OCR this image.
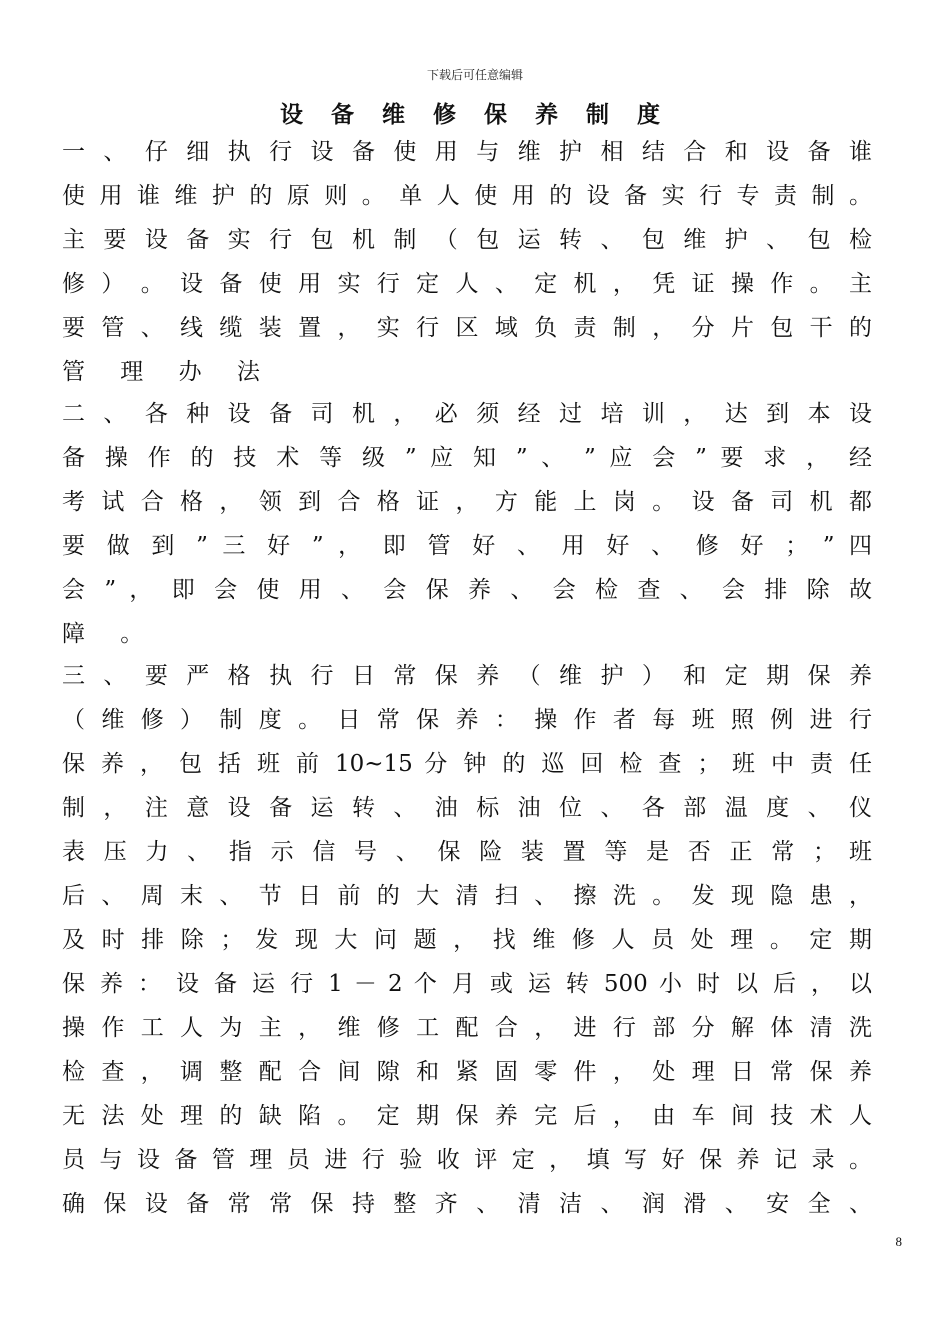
下载后可任意编辑
设 备 维 修 保 养 制 度
一 、 仔 细 执 行 设 备 使 用 与 维 护 相 结 合 和 设 备 谁
使 用 谁 维 护 的 原 则 。 单 人 使 用 的 设 备 实 行 专 责 制 。
主 要 设 备 实 行 包 机 制 （ 包 运 转 、 包 维 护 、 包 检
修 ） 。 设 备 使 用 实 行 定 人 、 定 机 ， 凭 证 操 作 。 主
要 管 、 线 缆 装 置 ， 实 行 区 域 负 责 制 ， 分 片 包 干 的
管 理 办 法
二 、 各 种 设 备 司 机 ， 必 须 经 过 培 训 ， 达 到 本 设
备 操 作 的 技 术 等 级 ” 应 知 ” 、 ” 应 会 ” 要 求 ， 经
考 试 合 格 ， 领 到 合 格 证 ， 方 能 上 岗 。 设 备 司 机 都
要 做 到 ” 三 好 ” ， 即 管 好 、 用 好 、 修 好 ； ” 四
会 ” ， 即 会 使 用 、 会 保 养 、 会 检 查 、 会 排 除 故
障 。
三 、 要 严 格 执 行 日 常 保 养 （ 维 护 ） 和 定 期 保 养
（ 维 修 ） 制 度 。 日 常 保 养 ： 操 作 者 每 班 照 例 进 行
保 养 ， 包 括 班 前 10~15 分 钟 的 巡 回 检 查 ； 班 中 责 任
制 ， 注 意 设 备 运 转 、 油 标 油 位 、 各 部 温 度 、 仪
表 压 力 、 指 示 信 号 、 保 险 装 置 等 是 否 正 常 ； 班
后 、 周 末 、 节 日 前 的 大 清 扫 、 擦 洗 。 发 现 隐 患 ，
及 时 排 除 ； 发 现 大 问 题 ， 找 维 修 人 员 处 理 。 定 期
保 养 ： 设 备 运 行 1 － 2 个 月 或 运 转 500 小 时 以 后 ， 以
操 作 工 人 为 主 ， 维 修 工 配 合 ， 进 行 部 分 解 体 清 洗
检 查 ， 调 整 配 合 间 隙 和 紧 固 零 件 ， 处 理 日 常 保 养
无 法 处 理 的 缺 陷 。 定 期 保 养 完 后 ， 由 车 间 技 术 人
员 与 设 备 管 理 员 进 行 验 收 评 定 ， 填 写 好 保 养 记 录 。
确 保 设 备 常 常 保 持 整 齐 、 清 洁 、 润 滑 、 安 全 、
8
